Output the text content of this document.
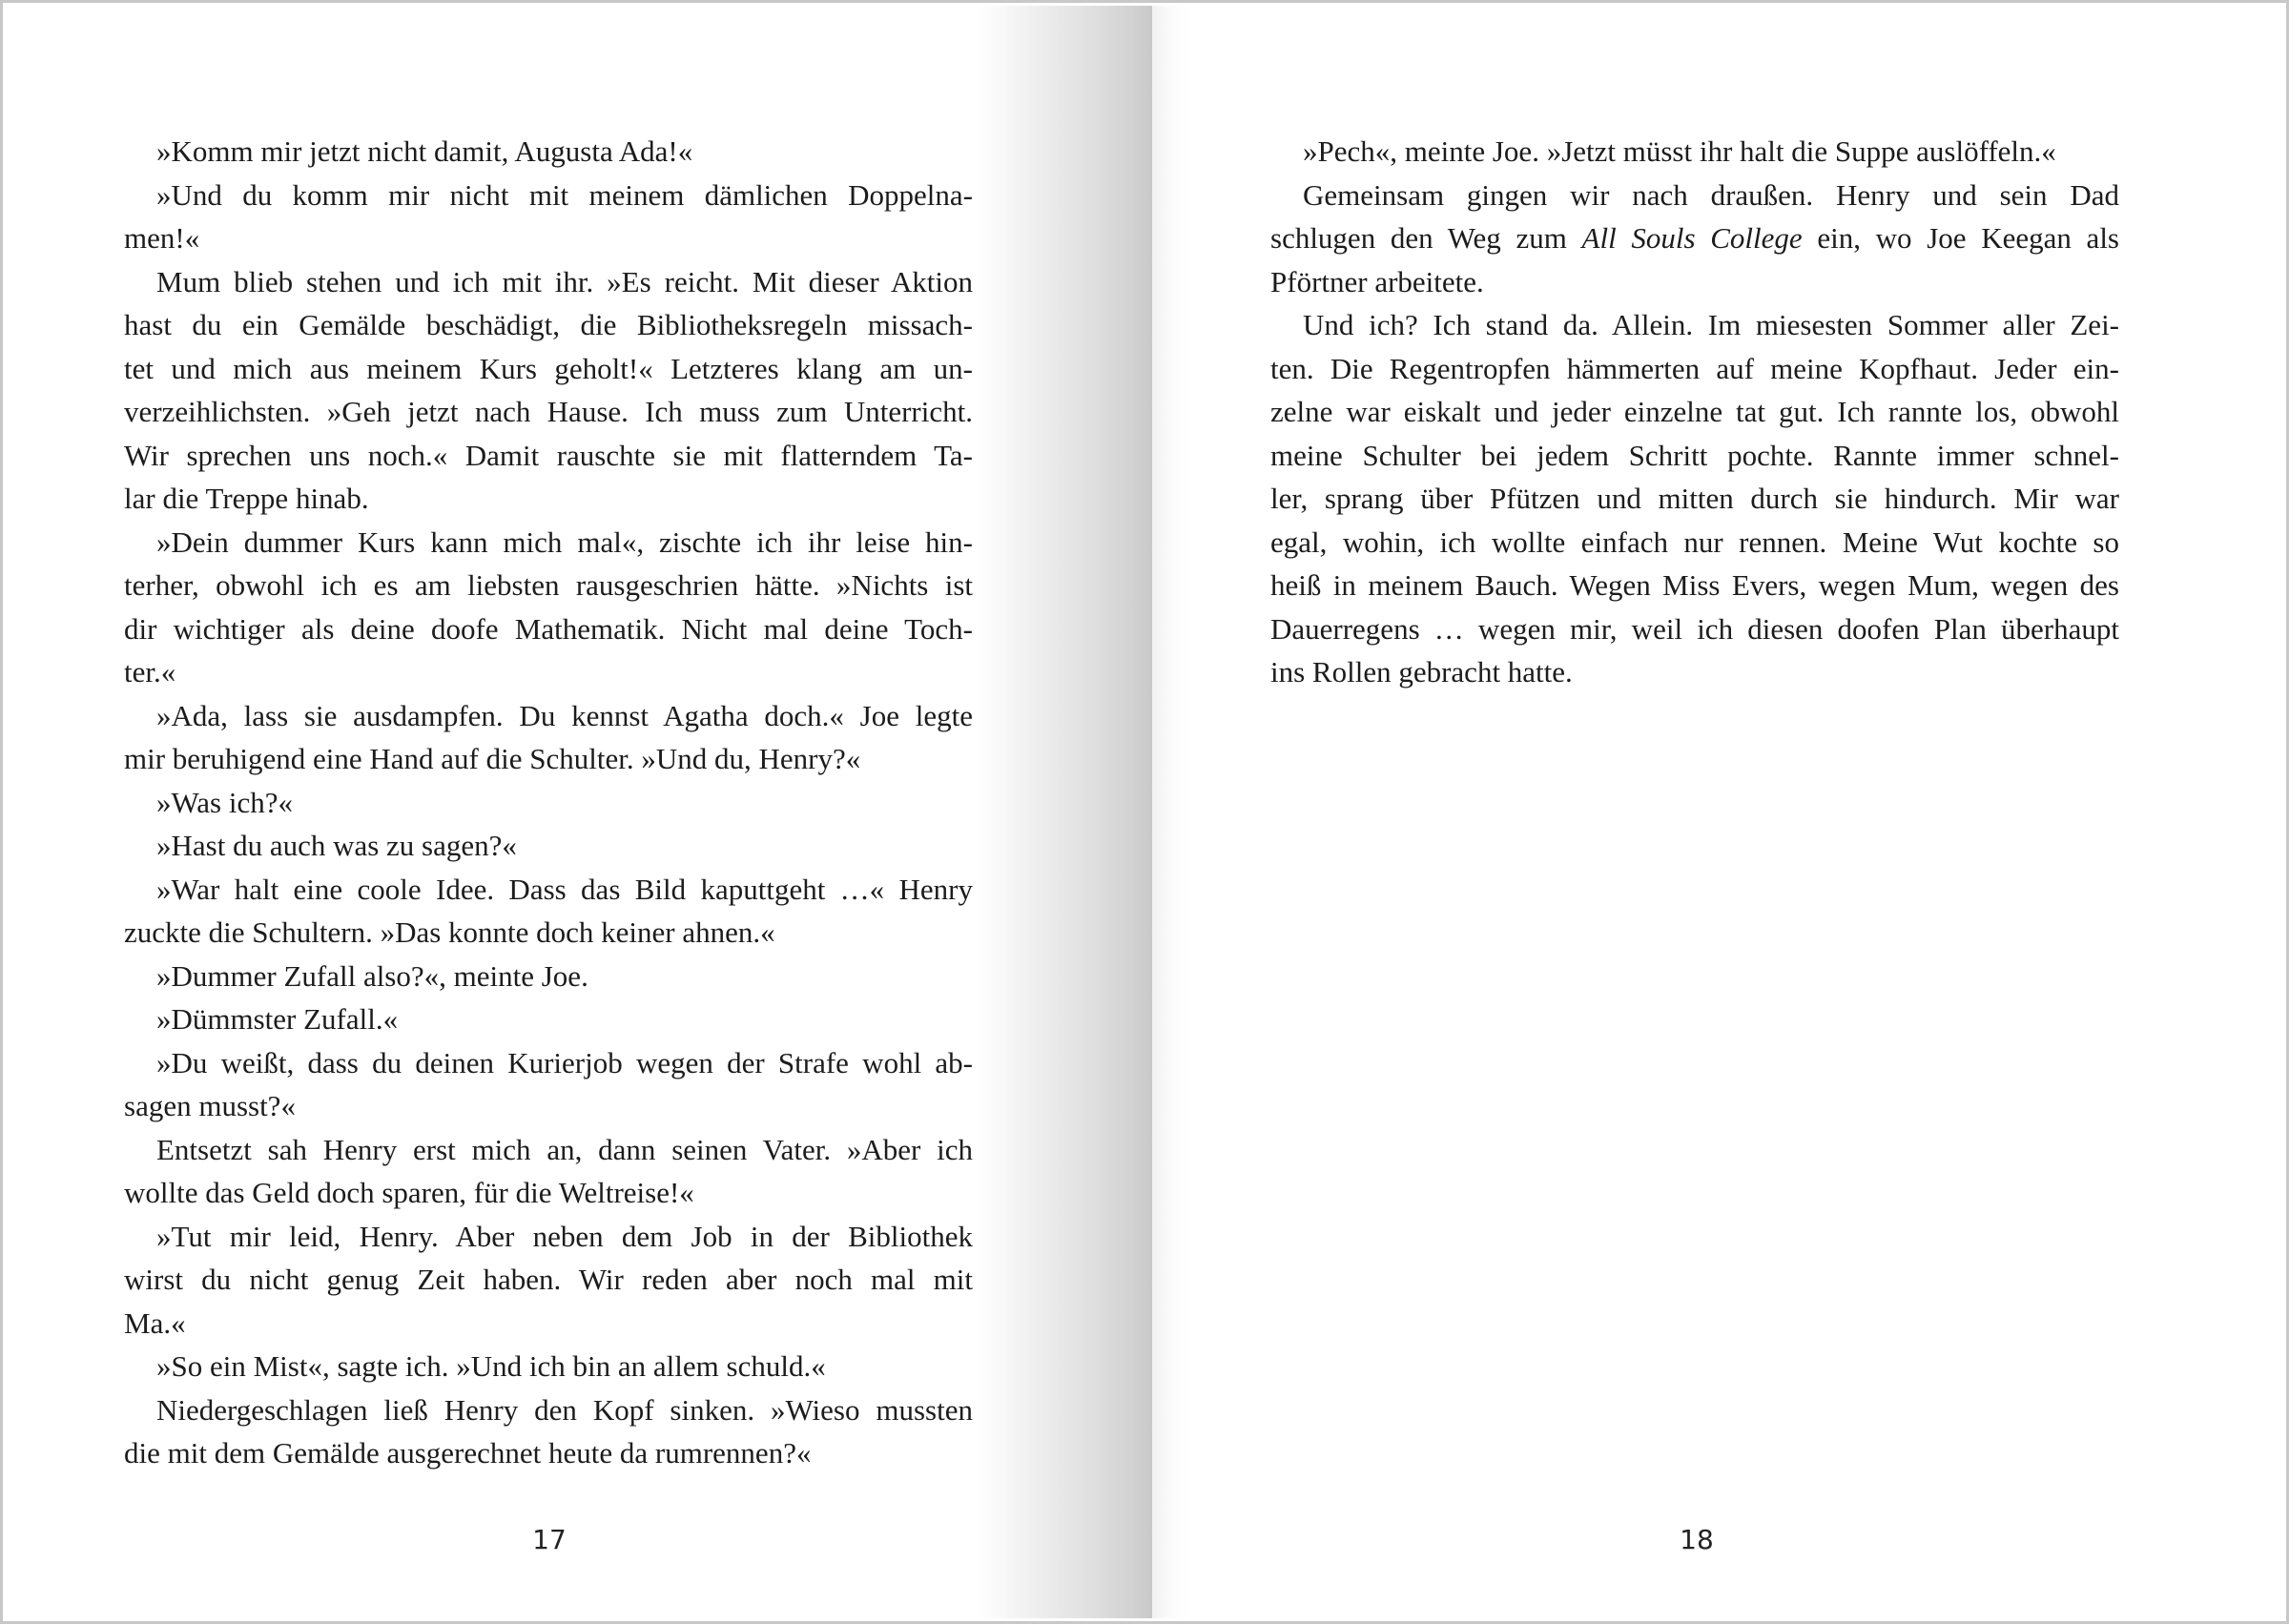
»Komm mir jetzt nicht damit, Augusta Ada!«
»Und du komm mir nicht mit meinem dämlichen Doppelna-
men!«
Mum blieb stehen und ich mit ihr. »Es reicht. Mit dieser Aktion
hast du ein Gemälde beschädigt, die Bibliotheksregeln missach-
tet und mich aus meinem Kurs geholt!« Letzteres klang am un-
verzeihlichsten. »Geh jetzt nach Hause. Ich muss zum Unterricht.
Wir sprechen uns noch.« Damit rauschte sie mit flatterndem Ta-
lar die Treppe hinab.
»Dein dummer Kurs kann mich mal«, zischte ich ihr leise hin-
terher, obwohl ich es am liebsten rausgeschrien hätte. »Nichts ist
dir wichtiger als deine doofe Mathematik. Nicht mal deine Toch-
ter.«
»Ada, lass sie ausdampfen. Du kennst Agatha doch.« Joe legte
mir beruhigend eine Hand auf die Schulter. »Und du, Henry?«
»Was ich?«
»Hast du auch was zu sagen?«
»War halt eine coole Idee. Dass das Bild kaputtgeht …« Henry
zuckte die Schultern. »Das konnte doch keiner ahnen.«
»Dummer Zufall also?«, meinte Joe.
»Dümmster Zufall.«
»Du weißt, dass du deinen Kurierjob wegen der Strafe wohl ab-
sagen musst?«
Entsetzt sah Henry erst mich an, dann seinen Vater. »Aber ich
wollte das Geld doch sparen, für die Weltreise!«
»Tut mir leid, Henry. Aber neben dem Job in der Bibliothek
wirst du nicht genug Zeit haben. Wir reden aber noch mal mit
Ma.«
»So ein Mist«, sagte ich. »Und ich bin an allem schuld.«
Niedergeschlagen ließ Henry den Kopf sinken. »Wieso mussten
die mit dem Gemälde ausgerechnet heute da rumrennen?«
»Pech«, meinte Joe. »Jetzt müsst ihr halt die Suppe auslöffeln.«
Gemeinsam gingen wir nach draußen. Henry und sein Dad
schlugen den Weg zum All Souls College ein, wo Joe Keegan als
Pförtner arbeitete.
Und ich? Ich stand da. Allein. Im miesesten Sommer aller Zei-
ten. Die Regentropfen hämmerten auf meine Kopfhaut. Jeder ein-
zelne war eiskalt und jeder einzelne tat gut. Ich rannte los, obwohl
meine Schulter bei jedem Schritt pochte. Rannte immer schnel-
ler, sprang über Pfützen und mitten durch sie hindurch. Mir war
egal, wohin, ich wollte einfach nur rennen. Meine Wut kochte so
heiß in meinem Bauch. Wegen Miss Evers, wegen Mum, wegen des
Dauerregens … wegen mir, weil ich diesen doofen Plan überhaupt
ins Rollen gebracht hatte.
17	18
